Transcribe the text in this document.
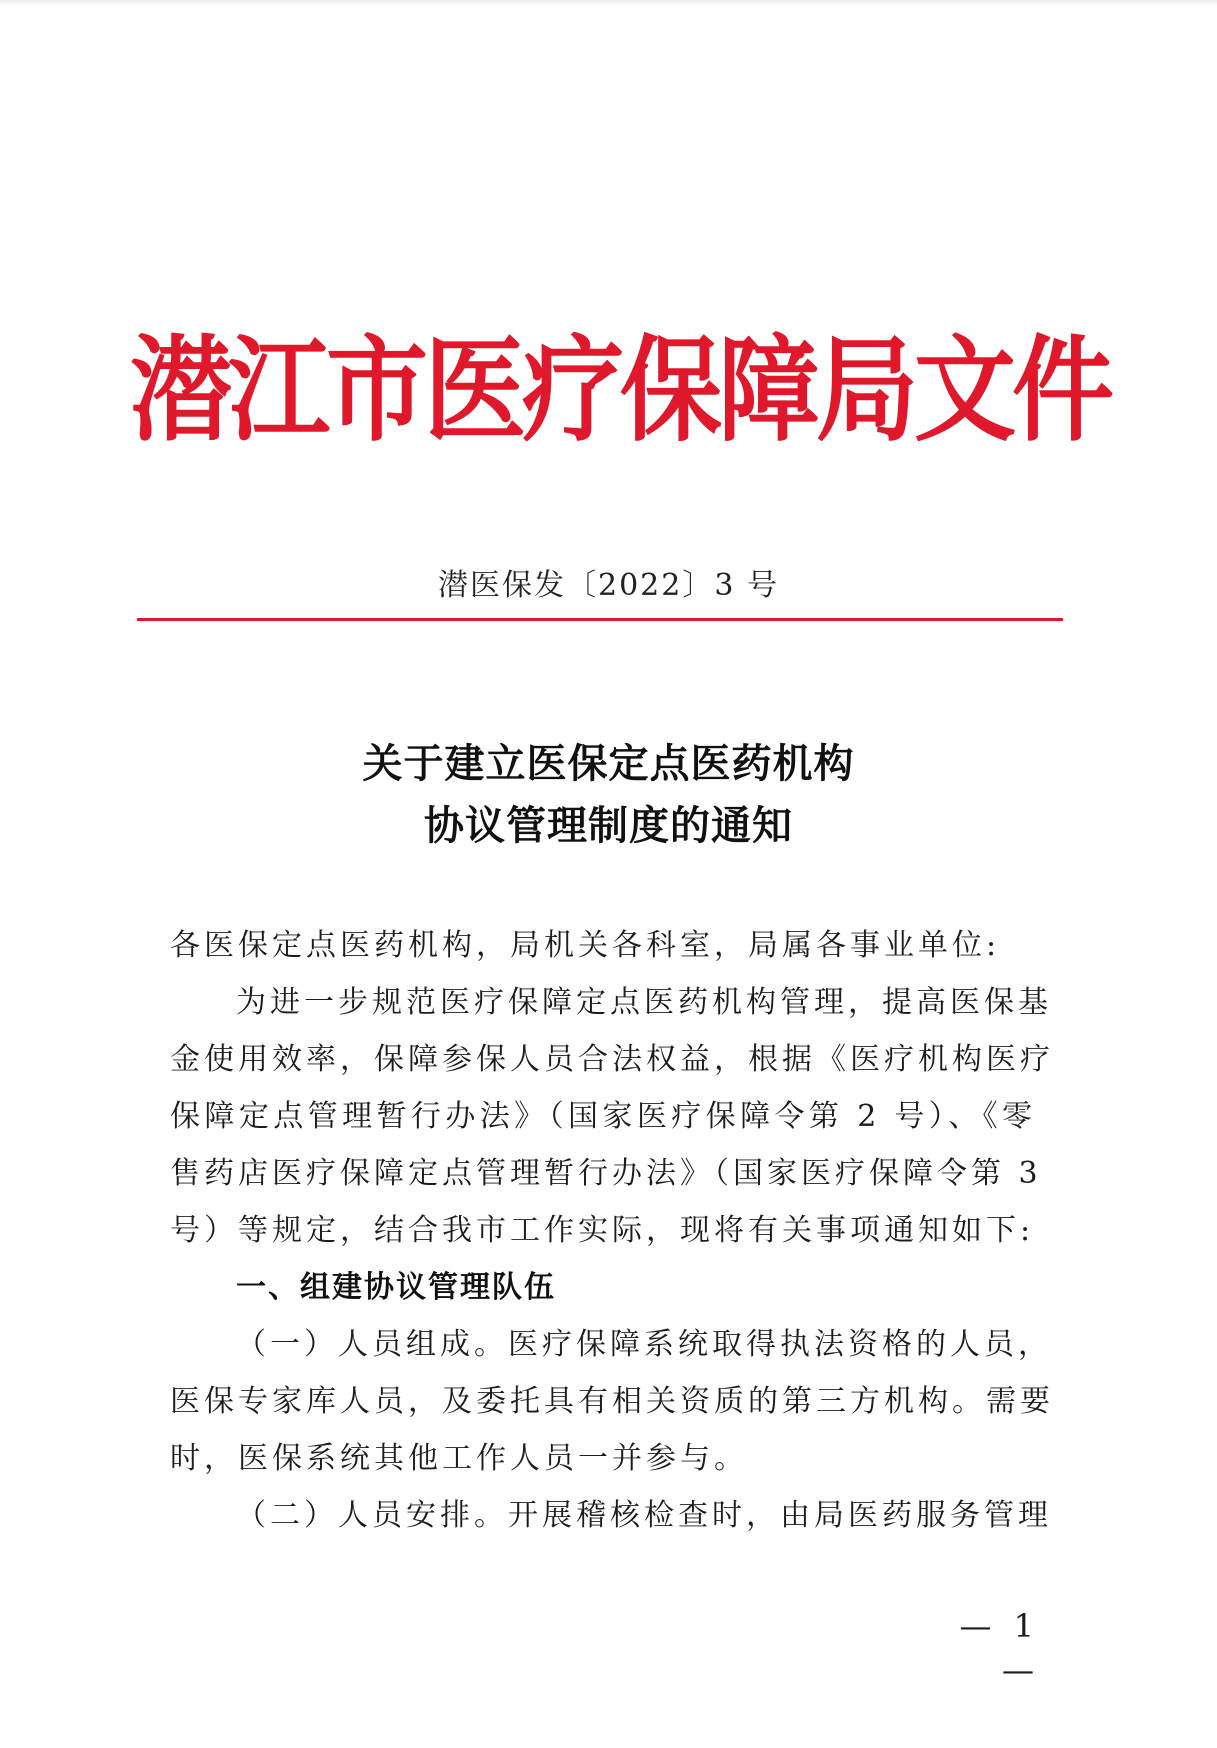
潜江市医疗保障局文件
潜医保发〔2022〕3 号
关于建立医保定点医药机构
协议管理制度的通知
各医保定点医药机构，局机关各科室，局属各事业单位:
为进一步规范医疗保障定点医药机构管理，提高医保基
金使用效率，保障参保人员合法权益，根据《医疗机构医疗
保障定点管理暂行办法》（国家医疗保障令第 2 号）、《零
售药店医疗保障定点管理暂行办法》（国家医疗保障令第 3
号）等规定，结合我市工作实际，现将有关事项通知如下:
一、组建协议管理队伍
（一）人员组成。医疗保障系统取得执法资格的人员，
医保专家库人员，及委托具有相关资质的第三方机构。需要
时，医保系统其他工作人员一并参与。
（二）人员安排。开展稽核检查时，由局医药服务管理
— 1 —
